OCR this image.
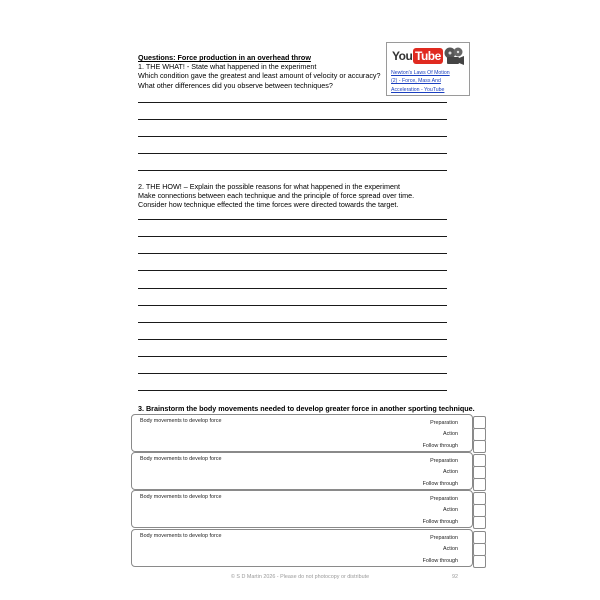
Questions: Force production in an overhead throw
1. THE WHAT! - State what happened in the experiment
Which condition gave the greatest and least amount of velocity or accuracy?
What other differences did you observe between techniques?
You Tube
Newton's Laws Of Motion
(2) - Force, Mass And
Acceleration - YouTube
2. THE HOW! – Explain the possible reasons for what happened in the experiment
Make connections between each technique and the principle of force spread over time.
Consider how technique effected the time forces were directed towards the target.
3. Brainstorm the body movements needed to develop greater force in another sporting technique.
Body movements to develop force	Preparation
Action
Follow through
Body movements to develop force	Preparation
Action
Follow through
Body movements to develop force	Preparation
Action
Follow through
Body movements to develop force	Preparation
Action
Follow through
© S D Martin 2026 - Please do not photocopy or distribute	92
